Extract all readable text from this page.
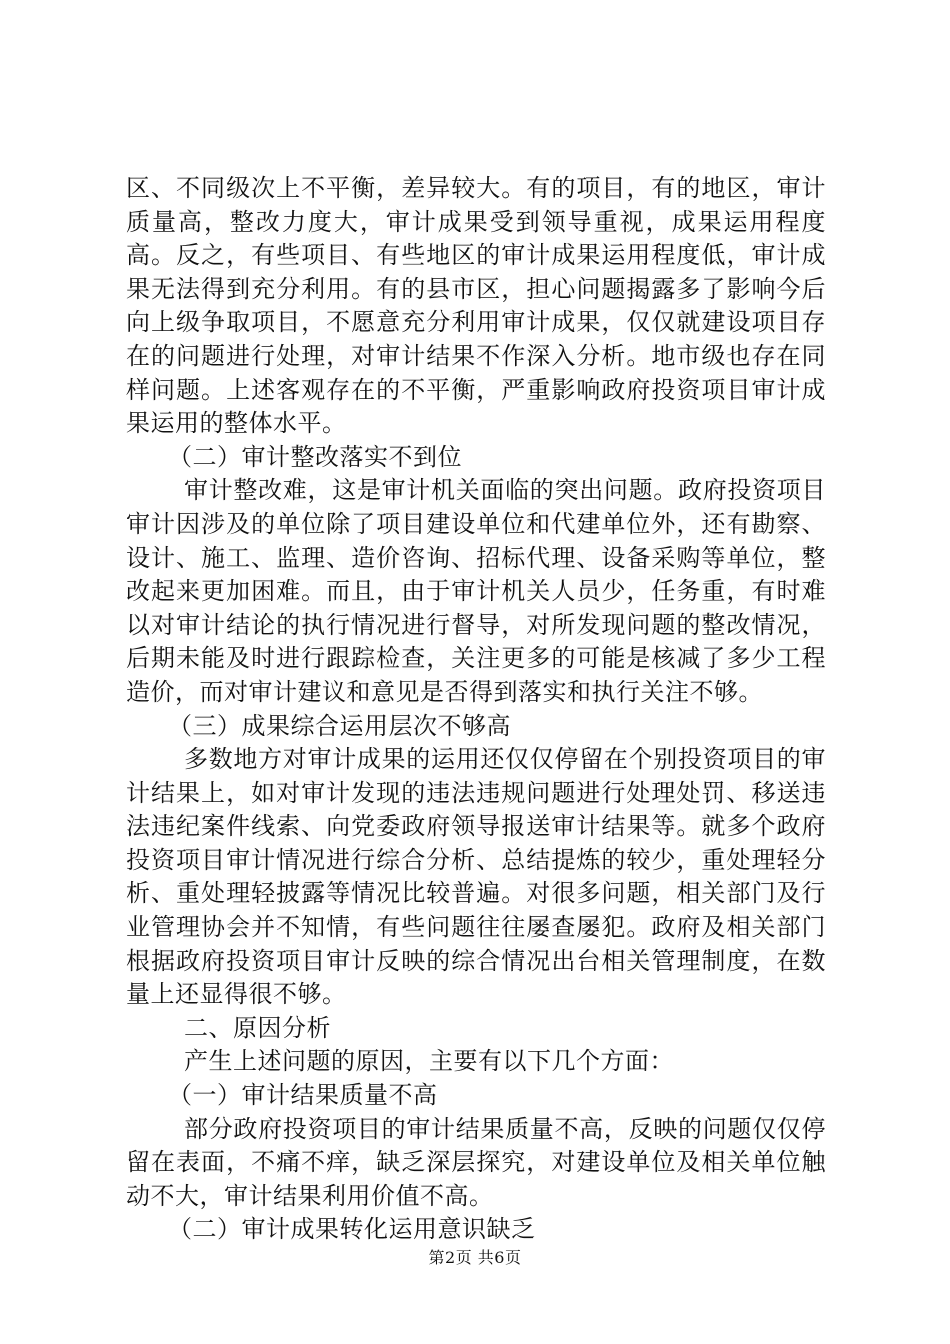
区、不同级次上不平衡，差异较大。有的项目，有的地区，审计质量高，整改力度大，审计成果受到领导重视，成果运用程度高。反之，有些项目、有些地区的审计成果运用程度低，审计成果无法得到充分利用。有的县市区，担心问题揭露多了影响今后向上级争取项目，不愿意充分利用审计成果，仅仅就建设项目存在的问题进行处理，对审计结果不作深入分析。地市级也存在同样问题。上述客观存在的不平衡，严重影响政府投资项目审计成果运用的整体水平。

（二）审计整改落实不到位

审计整改难，这是审计机关面临的突出问题。政府投资项目审计因涉及的单位除了项目建设单位和代建单位外，还有勘察、设计、施工、监理、造价咨询、招标代理、设备采购等单位，整改起来更加困难。而且，由于审计机关人员少，任务重，有时难以对审计结论的执行情况进行督导，对所发现问题的整改情况，后期未能及时进行跟踪检查，关注更多的可能是核减了多少工程造价，而对审计建议和意见是否得到落实和执行关注不够。

（三）成果综合运用层次不够高

多数地方对审计成果的运用还仅仅停留在个别投资项目的审计结果上，如对审计发现的违法违规问题进行处理处罚、移送违法违纪案件线索、向党委政府领导报送审计结果等。就多个政府投资项目审计情况进行综合分析、总结提炼的较少，重处理轻分析、重处理轻披露等情况比较普遍。对很多问题，相关部门及行业管理协会并不知情，有些问题往往屡查屡犯。政府及相关部门根据政府投资项目审计反映的综合情况出台相关管理制度，在数量上还显得很不够。

二、原因分析

产生上述问题的原因，主要有以下几个方面：

（一）审计结果质量不高

部分政府投资项目的审计结果质量不高，反映的问题仅仅停留在表面，不痛不痒，缺乏深层探究，对建设单位及相关单位触动不大，审计结果利用价值不高。

（二）审计成果转化运用意识缺乏

第2页 共6页
